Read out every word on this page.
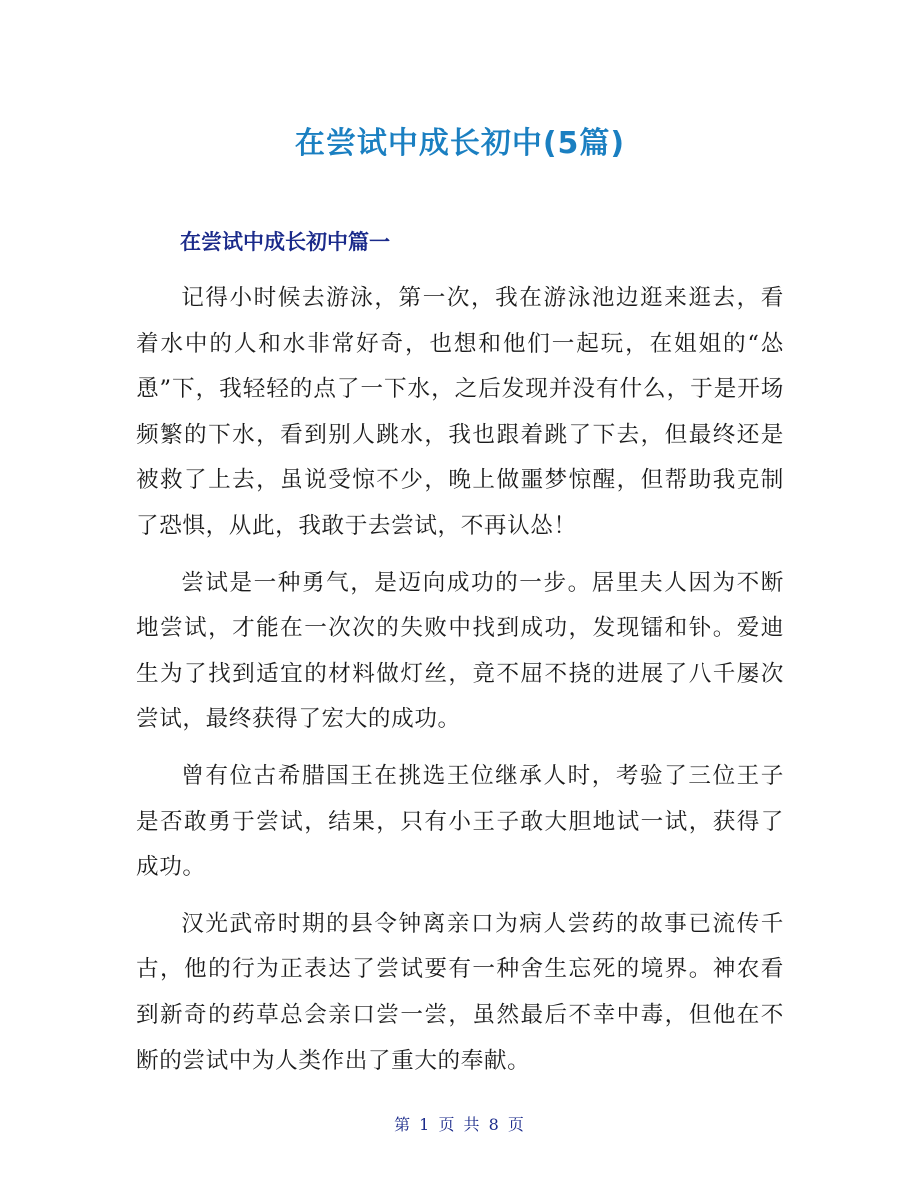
在尝试中成长初中(5篇)
在尝试中成长初中篇一

记得小时候去游泳，第一次，我在游泳池边逛来逛去，看着水中的人和水非常好奇，也想和他们一起玩，在姐姐的“怂恿”下，我轻轻的点了一下水，之后发现并没有什么，于是开场频繁的下水，看到别人跳水，我也跟着跳了下去，但最终还是被救了上去，虽说受惊不少，晚上做噩梦惊醒，但帮助我克制了恐惧，从此，我敢于去尝试，不再认怂！

尝试是一种勇气，是迈向成功的一步。居里夫人因为不断地尝试，才能在一次次的失败中找到成功，发现镭和钋。爱迪生为了找到适宜的材料做灯丝，竟不屈不挠的进展了八千屡次尝试，最终获得了宏大的成功。

曾有位古希腊国王在挑选王位继承人时，考验了三位王子是否敢勇于尝试，结果，只有小王子敢大胆地试一试，获得了成功。

汉光武帝时期的县令钟离亲口为病人尝药的故事已流传千古，他的行为正表达了尝试要有一种舍生忘死的境界。神农看到新奇的药草总会亲口尝一尝，虽然最后不幸中毒，但他在不断的尝试中为人类作出了重大的奉献。

第 1 页 共 8 页
